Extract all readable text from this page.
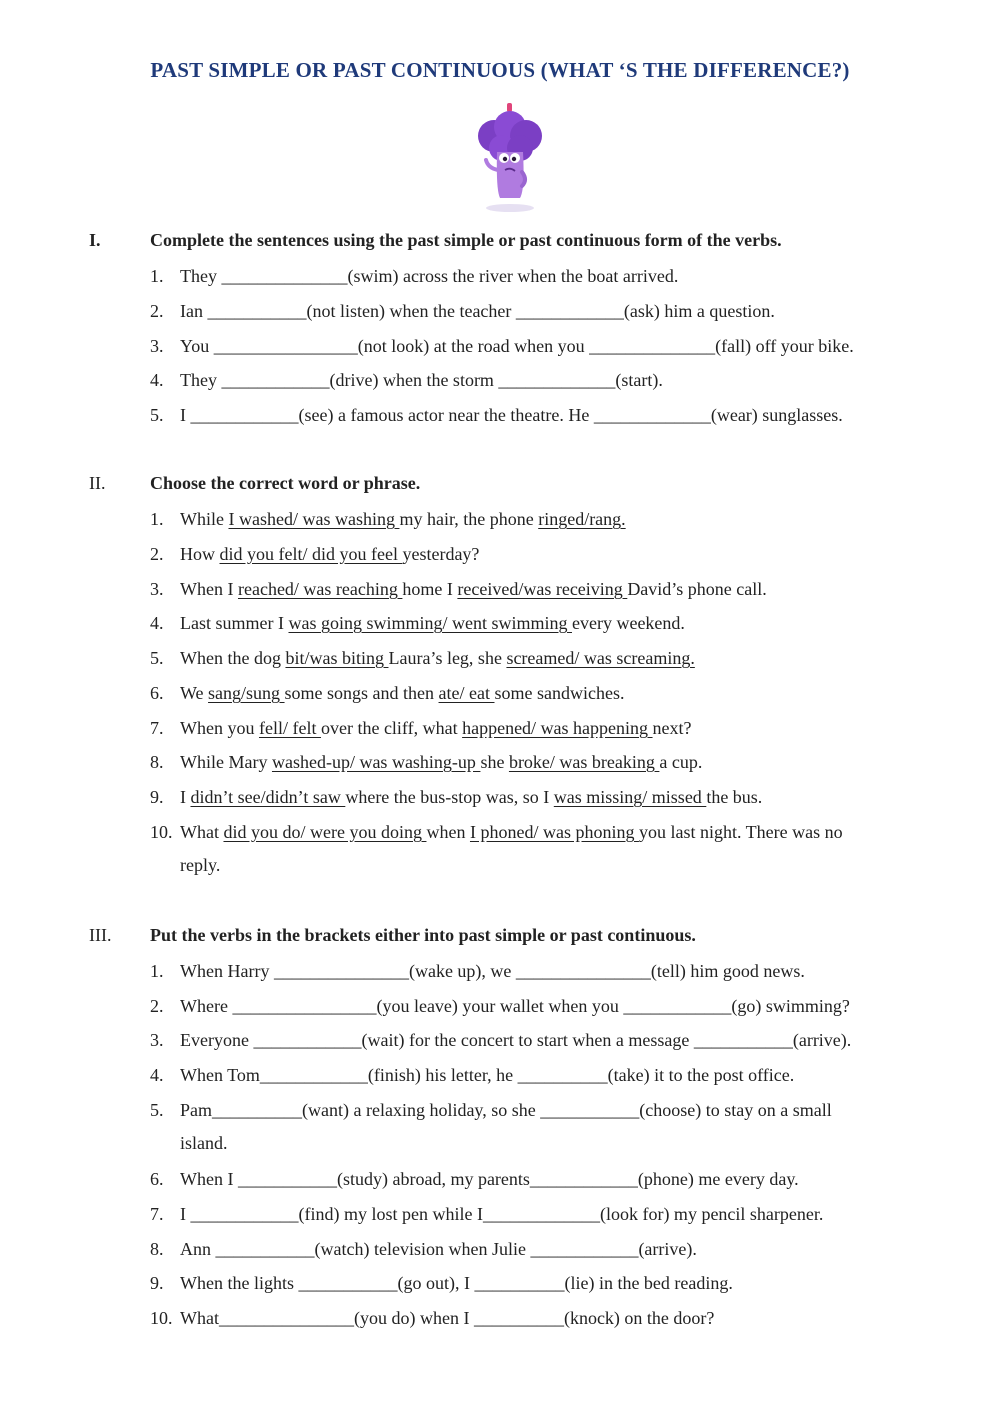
PAST SIMPLE OR PAST CONTINUOUS (WHAT ‘S THE DIFFERENCE?)
I.	Complete the sentences using the past simple or past continuous form of the verbs.
1. They ______________(swim) across the river when the boat arrived.
2. Ian ___________(not listen) when the teacher ____________(ask) him a question.
3. You ________________(not look) at the road when you ______________(fall) off your bike.
4. They ____________(drive) when the storm _____________(start).
5. I ____________(see) a famous actor near the theatre. He _____________(wear) sunglasses.
II. Choose the correct word or phrase.
1. While I washed/ was washing my hair, the phone ringed/rang.
2. How did you felt/ did you feel yesterday?
3. When I reached/ was reaching home I received/was receiving David’s phone call.
4. Last summer I was going swimming/ went swimming every weekend.
5. When the dog bit/was biting Laura’s leg, she screamed/ was screaming.
6. We sang/sung some songs and then ate/ eat some sandwiches.
7. When you fell/ felt over the cliff, what happened/ was happening next?
8. While Mary washed-up/ was washing-up she broke/ was breaking a cup.
9. I didn’t see/didn’t saw where the bus-stop was, so I was missing/ missed the bus.
10. What did you do/ were you doing when I phoned/ was phoning you last night. There was no
reply.
III. Put the verbs in the brackets either into past simple or past continuous.
1. When Harry _______________(wake up), we _______________(tell) him good news.
2. Where ________________(you leave) your wallet when you ____________(go) swimming?
3. Everyone ____________(wait) for the concert to start when a message ___________(arrive).
4. When Tom____________(finish) his letter, he __________(take) it to the post office.
5. Pam__________(want) a relaxing holiday, so she ___________(choose) to stay on a small
6. When I ___________(study) abroad, my parents____________(phone) me every day.
7. I ____________(find) my lost pen while I_____________(look for) my pencil sharpener.
8. Ann ___________(watch) television when Julie ____________(arrive).
9. When the lights ___________(go out), I __________(lie) in the bed reading.
10. What_______________(you do) when I __________(knock) on the door?
island.
